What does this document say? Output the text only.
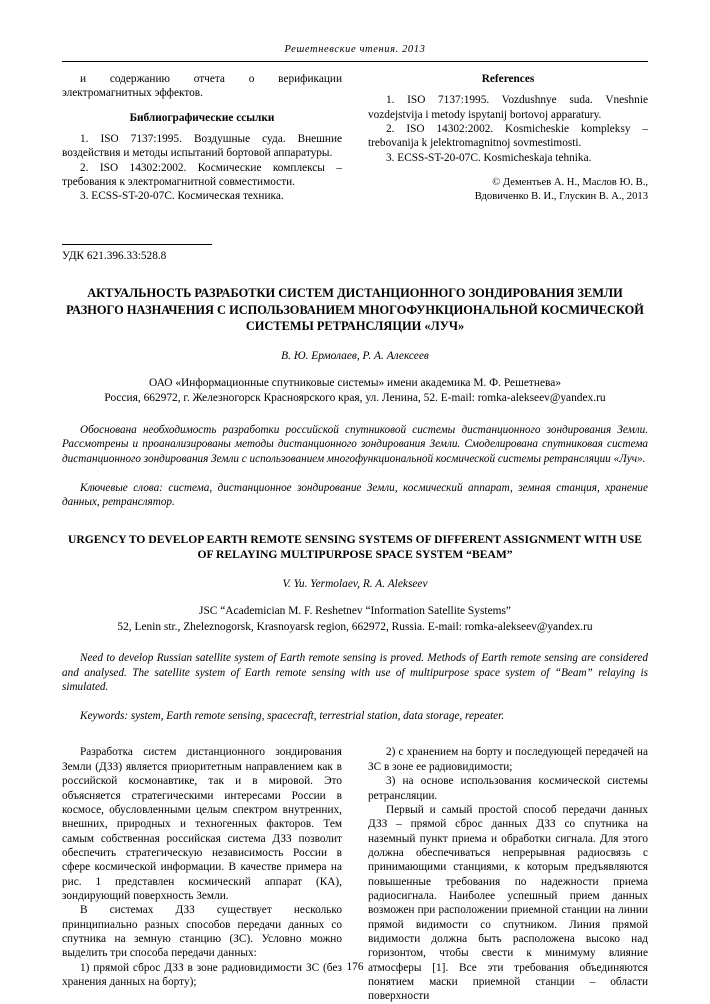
Решетневские чтения. 2013

и содержанию отчета о верификации электромагнитных эффектов.

Библиографические ссылки

1. ISO 7137:1995. Воздушные суда. Внешние воздействия и методы испытаний бортовой аппаратуры.

2. ISO 14302:2002. Космические комплексы – требования к электромагнитной совместимости.

3. ECSS-ST-20-07C. Космическая техника.

References

1. ISO 7137:1995. Vozdushnye suda. Vneshnie vozdejstvija i metody ispytanij bortovoj apparatury.

2. ISO 14302:2002. Kosmicheskie kompleksy – trebovanija k jelektromagnitnoj sovmestimosti.

3. ECSS-ST-20-07C. Kosmicheskaja tehnika.

© Дементьев А. Н., Маслов Ю. В.,

Вдовиченко В. И., Глускин В. А., 2013

УДК 621.396.33:528.8

АКТУАЛЬНОСТЬ РАЗРАБОТКИ СИСТЕМ ДИСТАНЦИОННОГО ЗОНДИРОВАНИЯ ЗЕМЛИ РАЗНОГО НАЗНАЧЕНИЯ С ИСПОЛЬЗОВАНИЕМ МНОГОФУНКЦИОНАЛЬНОЙ КОСМИЧЕСКОЙ СИСТЕМЫ РЕТРАНСЛЯЦИИ «ЛУЧ»

В. Ю. Ермолаев, Р. А. Алексеев

ОАО «Информационные спутниковые системы» имени академика М. Ф. Решетнева»
Россия, 662972, г. Железногорск Красноярского края, ул. Ленина, 52. E-mail: romka-alekseev@yandex.ru

Обоснована необходимость разработки российской спутниковой системы дистанционного зондирования Земли. Рассмотрены и проанализированы методы дистанционного зондирования Земли. Смоделирована спутниковая система дистанционного зондирования Земли с использованием многофункциональной космической системы ретрансляции «Луч».

Ключевые слова: система, дистанционное зондирование Земли, космический аппарат, земная станция, хранение данных, ретранслятор.

URGENCY TO DEVELOP EARTH REMOTE SENSING SYSTEMS OF DIFFERENT ASSIGNMENT WITH USE OF RELAYING MULTIPURPOSE SPACE SYSTEM “BEAM”

V. Yu. Yermolaev, R. A. Alekseev

JSC “Academician M. F. Reshetnev “Information Satellite Systems”
52, Lenin str., Zheleznogorsk, Krasnoyarsk region, 662972, Russia. E-mail: romka-alekseev@yandex.ru

Need to develop Russian satellite system of Earth remote sensing is proved. Methods of Earth remote sensing are considered and analysed. The satellite system of Earth remote sensing with use of multipurpose space system of “Beam” relaying is simulated.

Keywords: system, Earth remote sensing, spacecraft, terrestrial station, data storage, repeater.

Разработка систем дистанционного зондирования Земли (ДЗЗ) является приоритетным направлением как в российской космонавтике, так и в мировой. Это объясняется стратегическими интересами России в космосе, обусловленными целым спектром внутренних, внешних, природных и техногенных факторов. Тем самым собственная российская система ДЗЗ позволит обеспечить стратегическую независимость России в сфере космической информации. В качестве примера на рис. 1 представлен космический аппарат (КА), зондирующий поверхность Земли.

В системах ДЗЗ существует несколько принципиально разных способов передачи данных со спутника на земную станцию (ЗС). Условно можно выделить три способа передачи данных:

1) прямой сброс ДЗЗ в зоне радиовидимости ЗС (без хранения данных на борту);

2) с хранением на борту и последующей передачей на ЗС в зоне ее радиовидимости;

3) на основе использования космической системы ретрансляции.

Первый и самый простой способ передачи данных ДЗЗ – прямой сброс данных ДЗЗ со спутника на наземный пункт приема и обработки сигнала. Для этого должна обеспечиваться непрерывная радиосвязь с принимающими станциями, к которым предъявляются повышенные требования по надежности приема радиосигнала. Наиболее успешный прием данных возможен при расположении приемной станции на линии прямой видимости со спутником. Линия прямой видимости должна быть расположена высоко над горизонтом, чтобы свести к минимуму влияние атмосферы [1]. Все эти требования объединяются понятием маски приемной станции – области поверхности

176
